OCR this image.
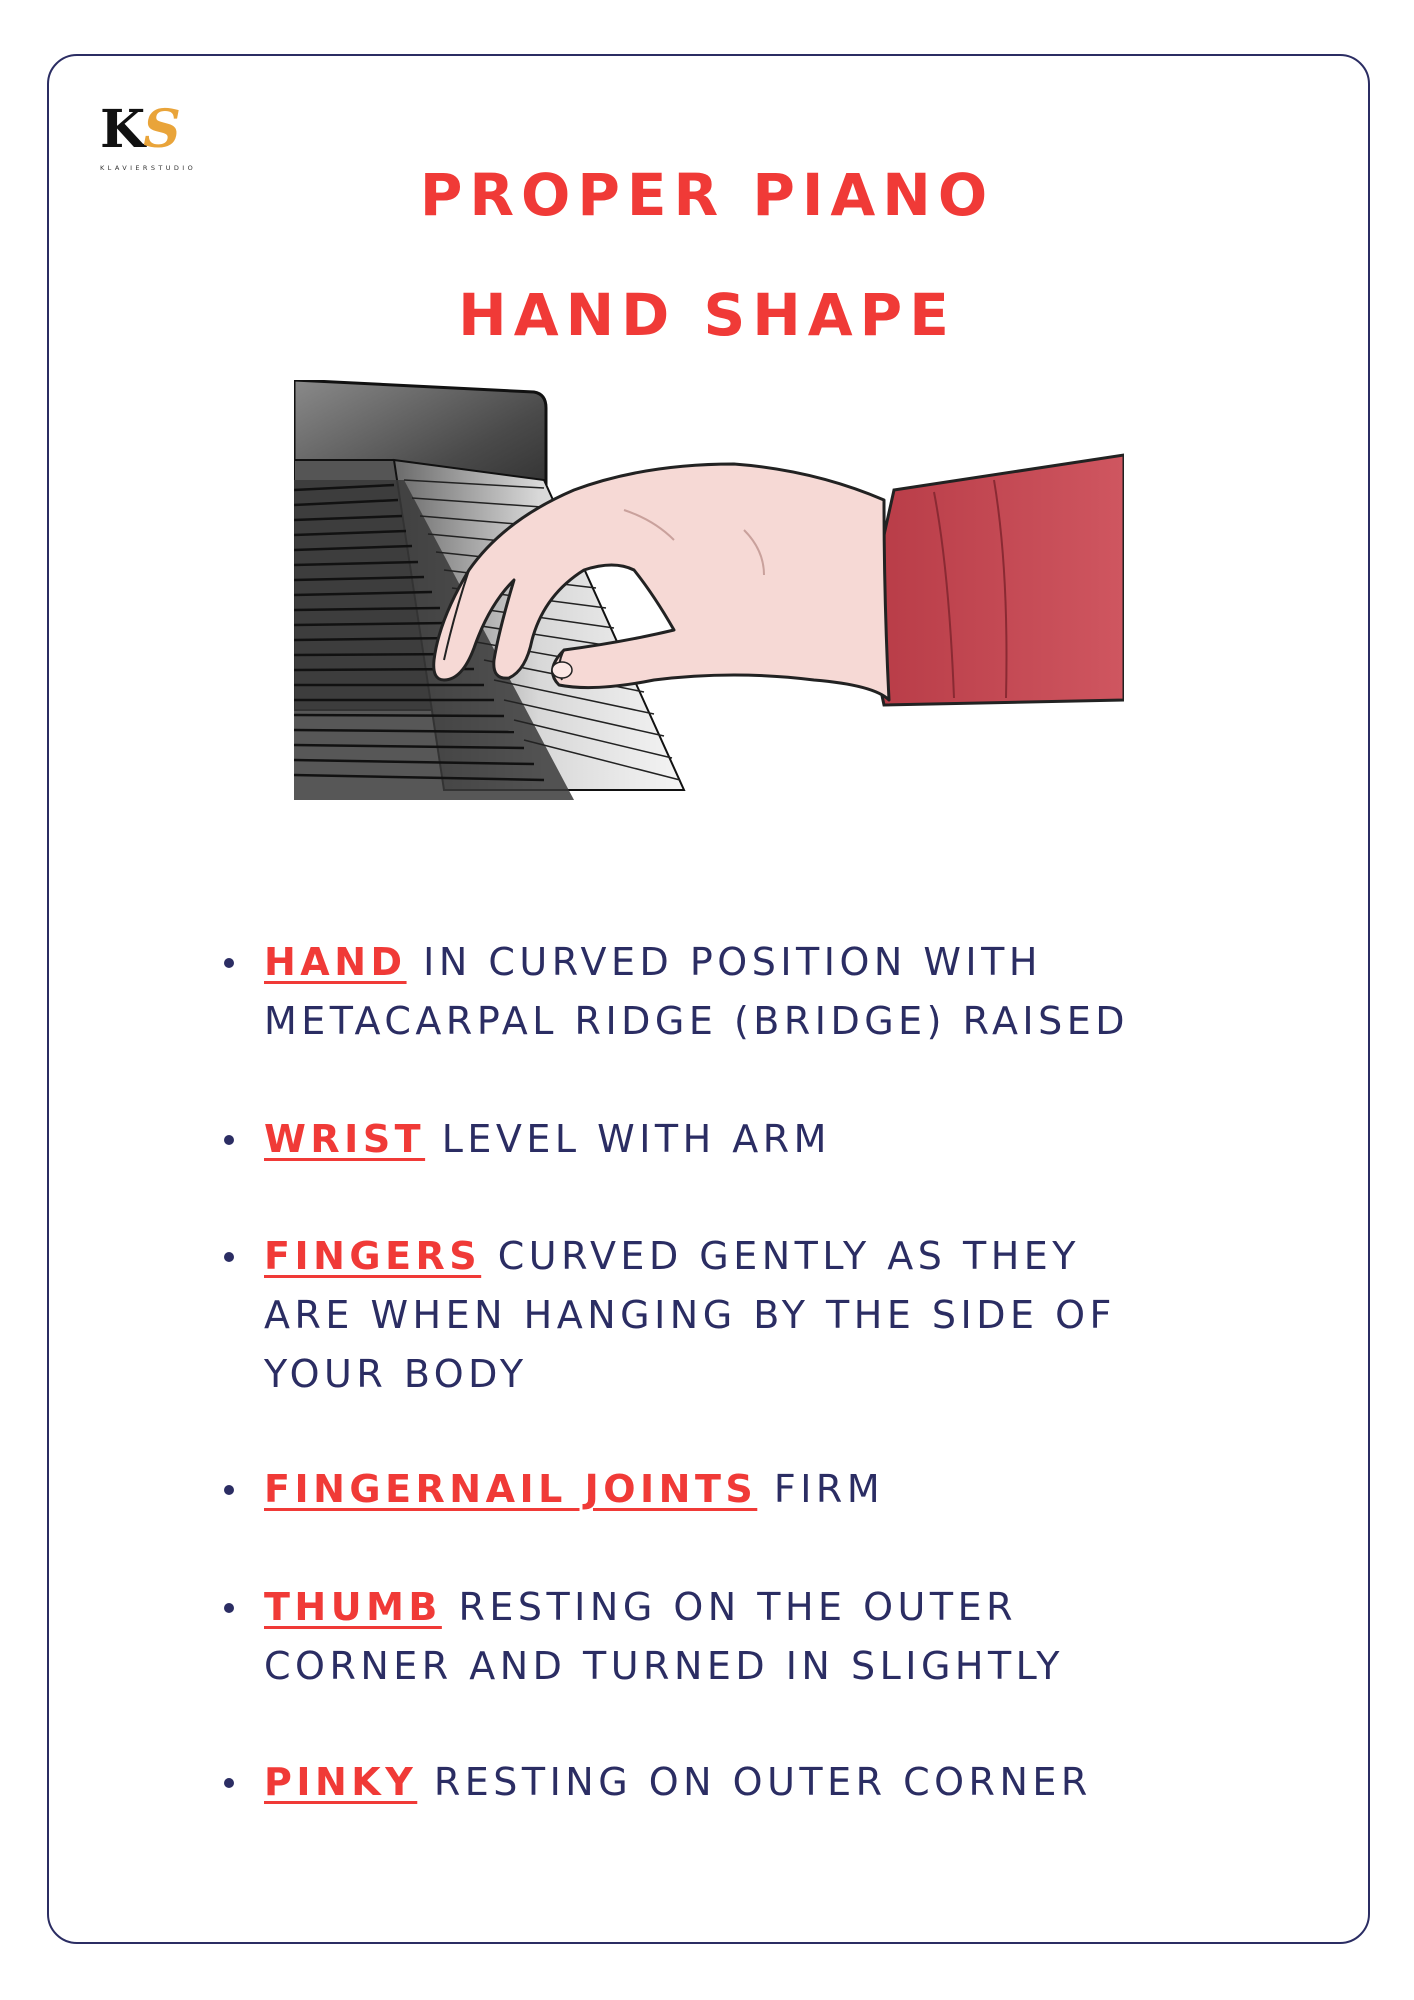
KS
KLAVIERSTUDIO	PROPER PIANO
HAND SHAPE
HAND IN CURVED POSITION WITH
METACARPAL RIDGE (BRIDGE) RAISED
WRIST LEVEL WITH ARM
FINGERS CURVED GENTLY AS THEY
ARE WHEN HANGING BY THE SIDE OF
YOUR BODY
FINGERNAIL JOINTS FIRM
THUMB RESTING ON THE OUTER
CORNER AND TURNED IN SLIGHTLY
PINKY RESTING ON OUTER CORNER
